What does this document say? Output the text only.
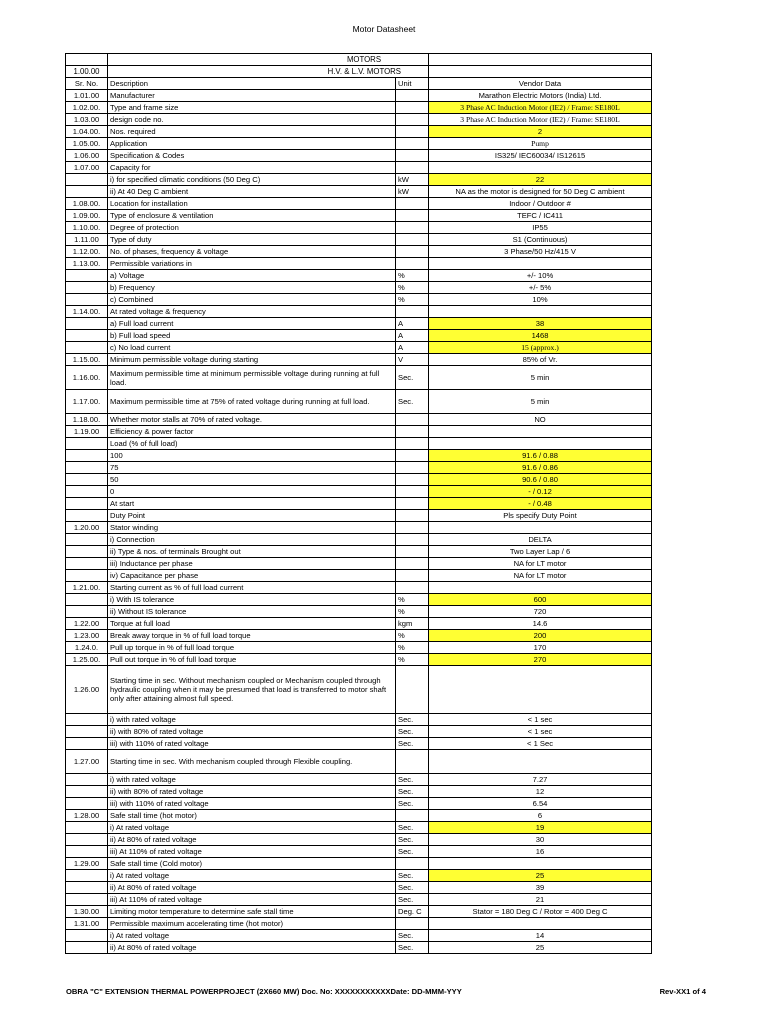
Motor Datasheet
	MOTORS		
1.00.00	H.V. & L.V. MOTORS		
Sr. No.	Description	Unit	Vendor Data
1.01.00	Manufacturer		Marathon Electric Motors (India) Ltd.
1.02.00.	Type and frame size		3 Phase AC Induction Motor (IE2) / Frame: SE180L
1.03.00	design code no.		3 Phase AC Induction Motor (IE2) / Frame: SE180L
1.04.00.	Nos. required		2
1.05.00.	Application		Pump
1.06.00	Specification & Codes		IS325/ IEC60034/ IS12615
1.07.00	Capacity for		
	i) for specified climatic conditions (50 Deg C)	kW	22
	ii) At 40 Deg C ambient	kW	NA as the motor is designed for 50 Deg C ambient
1.08.00.	Location for installation		Indoor / Outdoor #
1.09.00.	Type of enclosure & ventilation		TEFC / IC411
1.10.00.	Degree of protection		IP55
1.11.00	Type of duty		S1 (Continuous)
1.12.00.	No. of phases, frequency & voltage		3 Phase/50 Hz/415 V
1.13.00.	Permissible variations in		
	a) Voltage	%	+/- 10%
	b) Frequency	%	+/- 5%
	c) Combined	%	10%
1.14.00.	At rated voltage & frequency		
	a) Full load current	A	38
	b) Full load speed	A	1468
	c) No load current	A	15 (approx.)
1.15.00.	Minimum permissible voltage during starting	V	85% of Vr.
1.16.00.	Maximum permissible time at minimum permissible voltage during running at full load.	Sec.	5 min
1.17.00.	Maximum permissible time at 75% of rated voltage during running at full load.	Sec.	5 min
1.18.00.	Whether motor stalls at 70% of rated voltage.		NO
1.19.00	Efficiency & power factor		
	Load (% of full load)		
	100		91.6 / 0.88
	75		91.6 / 0.86
	50		90.6 / 0.80
	0		- / 0.12
	At start		- / 0.48
	Duty Point		Pls specify Duty Point
1.20.00	Stator winding		
	i) Connection		DELTA
	ii) Type & nos. of terminals Brought out		Two Layer Lap / 6
	iii) Inductance per phase		NA for LT motor
	iv) Capacitance per phase		NA for LT motor
1.21.00.	Starting current as % of full load current		
	i) With IS tolerance	%	600
	ii) Without IS tolerance	%	720
1.22.00	Torque at full load	kgm	14.6
1.23.00	Break away torque in % of full load torque	%	200
1.24.0.	Pull up torque in % of full load torque	%	170
1.25.00.	Pull out torque in % of full load torque	%	270
1.26.00	Starting time in sec. Without mechanism coupled or Mechanism coupled through hydraulic coupling when it may be presumed that load is transferred to motor shaft only after attaining almost full speed.		
	i) with rated voltage	Sec.	< 1 sec
	ii) with 80% of rated voltage	Sec.	< 1 sec
	iii) with 110% of rated voltage	Sec.	< 1 Sec
1.27.00	Starting time in sec. With mechanism coupled through Flexible coupling.		
	i) with rated voltage	Sec.	7.27
	ii) with 80% of rated voltage	Sec.	12
	iii) with 110% of rated voltage	Sec.	6.54
1.28.00	Safe stall time (hot motor)		6
	i) At rated voltage	Sec.	19
	ii) At 80% of rated voltage	Sec.	30
	iii) At 110% of rated voltage	Sec.	16
1.29.00	Safe stall time (Cold motor)		
	i) At rated voltage	Sec.	25
	ii) At 80% of rated voltage	Sec.	39
	iii) At 110% of rated voltage	Sec.	21
1.30.00	Limiting motor temperature to determine safe stall time	Deg. C	Stator = 180 Deg C / Rotor = 400 Deg C
1.31.00	Permissible maximum accelerating time (hot motor)		
	i) At rated voltage	Sec.	14
	ii) At 80% of rated voltage	Sec.	25
OBRA "C" EXTENSION THERMAL POWERPROJECT (2X660 MW) Doc. No: XXXXXXXXXXXDate: DD-MMM-YYY	Rev-XX1 of 4
